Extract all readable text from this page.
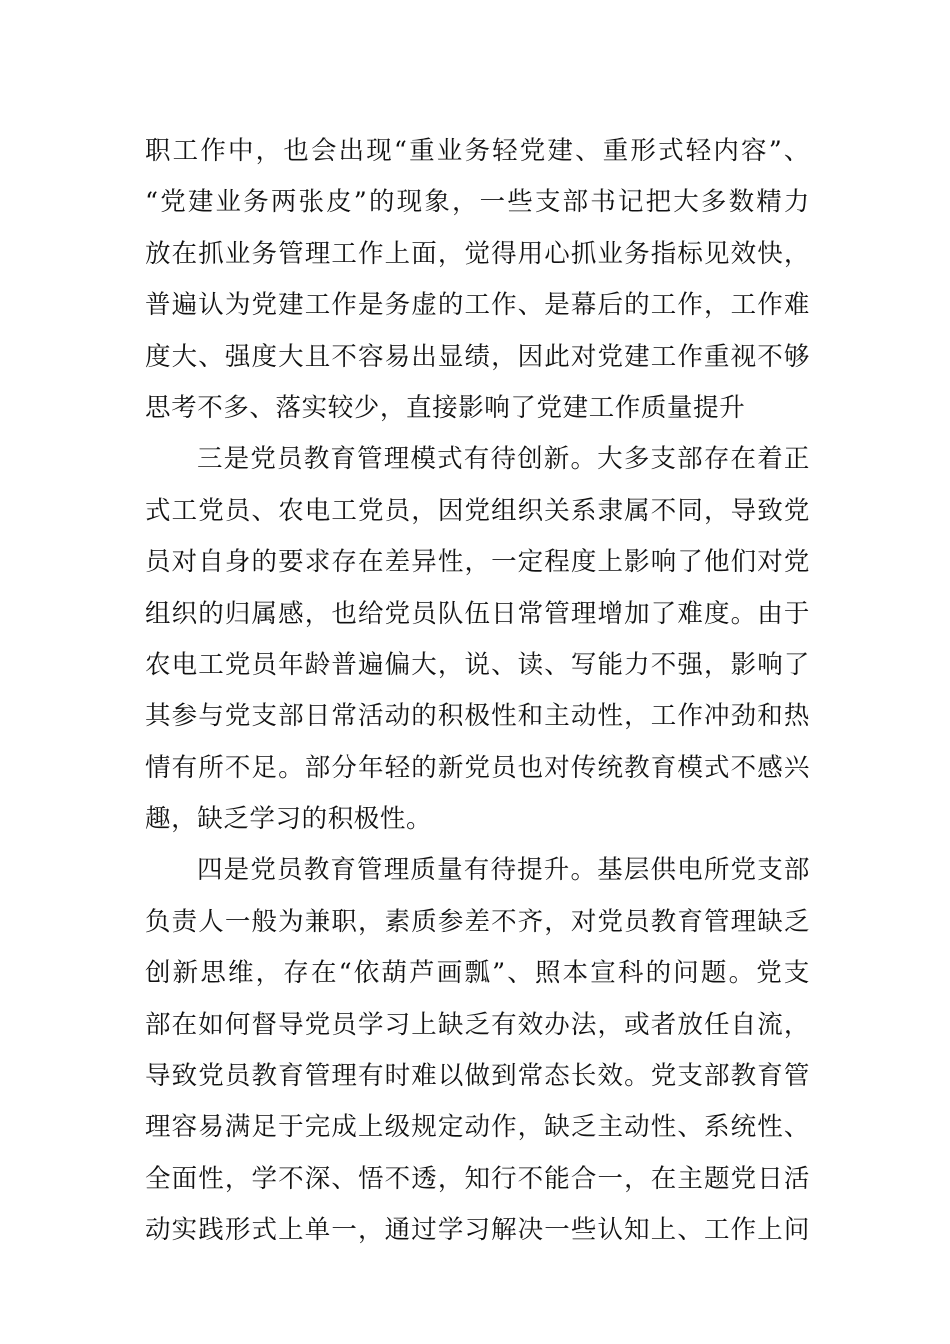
职工作中，也会出现“重业务轻党建、重形式轻内容”、
“党建业务两张皮”的现象，一些支部书记把大多数精力
放在抓业务管理工作上面，觉得用心抓业务指标见效快，
普遍认为党建工作是务虚的工作、是幕后的工作，工作难
度大、强度大且不容易出显绩，因此对党建工作重视不够
思考不多、落实较少，直接影响了党建工作质量提升
三是党员教育管理模式有待创新。大多支部存在着正
式工党员、农电工党员，因党组织关系隶属不同，导致党
员对自身的要求存在差异性，一定程度上影响了他们对党
组织的归属感，也给党员队伍日常管理增加了难度。由于
农电工党员年龄普遍偏大，说、读、写能力不强，影响了
其参与党支部日常活动的积极性和主动性，工作冲劲和热
情有所不足。部分年轻的新党员也对传统教育模式不感兴
趣，缺乏学习的积极性。
四是党员教育管理质量有待提升。基层供电所党支部
负责人一般为兼职，素质参差不齐，对党员教育管理缺乏
创新思维，存在“依葫芦画瓢”、照本宣科的问题。党支
部在如何督导党员学习上缺乏有效办法，或者放任自流，
导致党员教育管理有时难以做到常态长效。党支部教育管
理容易满足于完成上级规定动作，缺乏主动性、系统性、
全面性，学不深、悟不透，知行不能合一，在主题党日活
动实践形式上单一，通过学习解决一些认知上、工作上问
